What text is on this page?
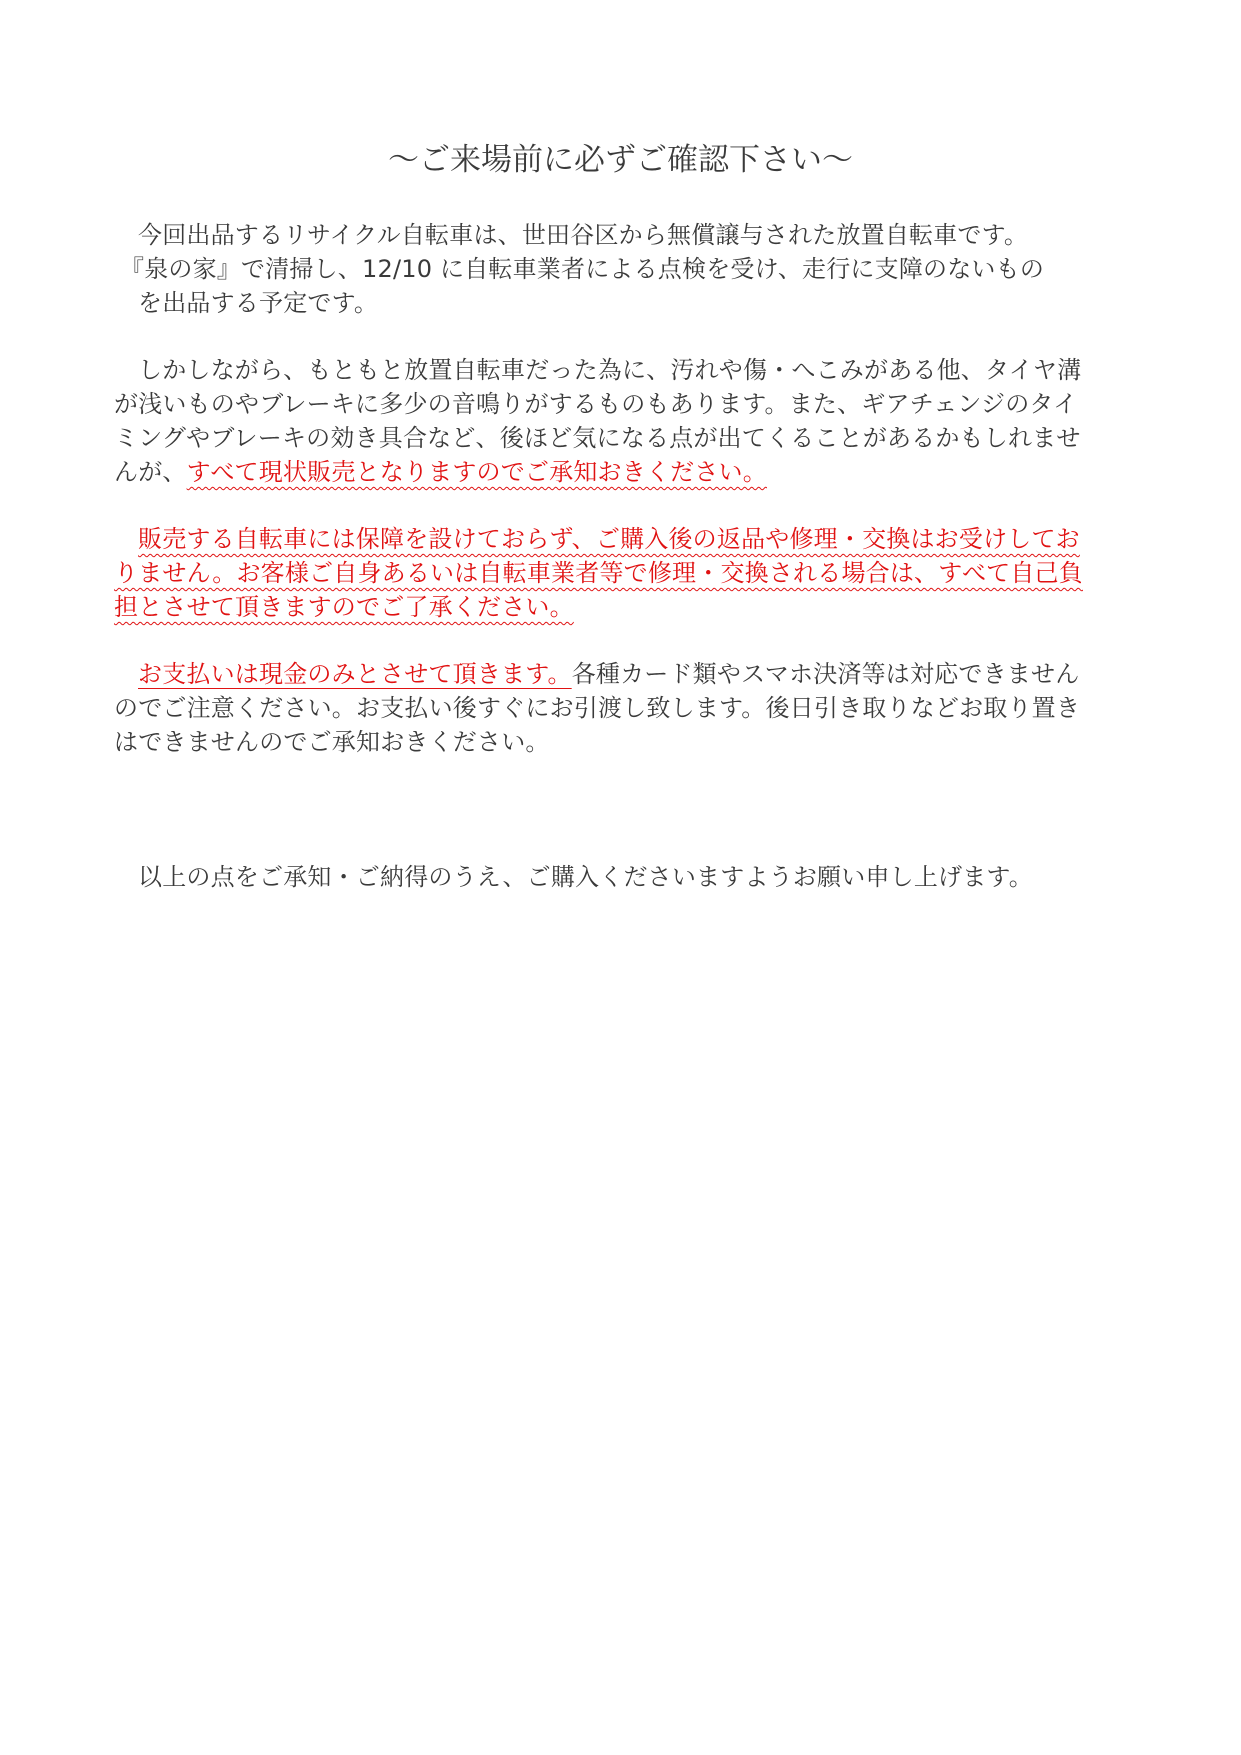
～ご来場前に必ずご確認下さい～
今回出品するリサイクル自転車は、世田谷区から無償譲与された放置自転車です。
『泉の家』で清掃し、12/10 に自転車業者による点検を受け、走行に支障のないもの
を出品する予定です。
しかしながら、もともと放置自転車だった為に、汚れや傷・へこみがある他、タイヤ溝
が浅いものやブレーキに多少の音鳴りがするものもあります。また、ギアチェンジのタイ
ミングやブレーキの効き具合など、後ほど気になる点が出てくることがあるかもしれませ
んが、すべて現状販売となりますのでご承知おきください。
販売する自転車には保障を設けておらず、ご購入後の返品や修理・交換はお受けしてお
りません。お客様ご自身あるいは自転車業者等で修理・交換される場合は、すべて自己負
担とさせて頂きますのでご了承ください。
お支払いは現金のみとさせて頂きます。各種カード類やスマホ決済等は対応できません
のでご注意ください。お支払い後すぐにお引渡し致します。後日引き取りなどお取り置き
はできませんのでご承知おきください。
以上の点をご承知・ご納得のうえ、ご購入くださいますようお願い申し上げます。
